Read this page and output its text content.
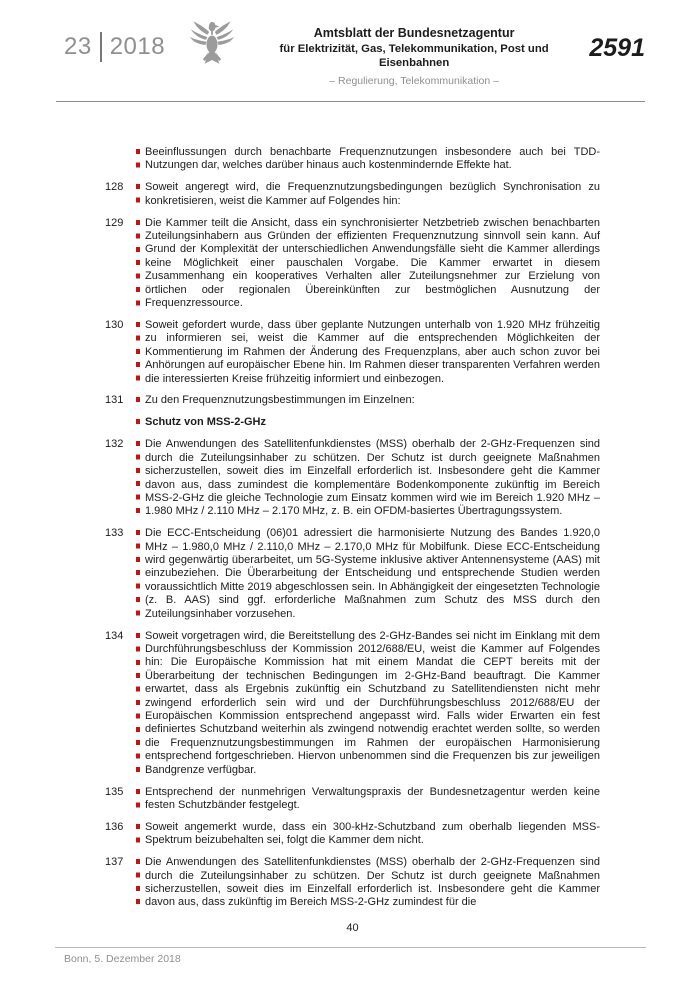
23 2018	Amtsblatt der Bundesnetzagentur
für Elektrizität, Gas, Telekommunikation, Post und Eisenbahnen
– Regulierung, Telekommunikation –
2591
Beeinflussungen durch benachbarte Frequenznutzungen insbesondere auch bei TDD-Nutzungen dar, welches darüber hinaus auch kostenmindernde Effekte hat.
128	Soweit angeregt wird, die Frequenznutzungsbedingungen bezüglich Synchronisation zu konkretisieren, weist die Kammer auf Folgendes hin:
129	Die Kammer teilt die Ansicht, dass ein synchronisierter Netzbetrieb zwischen benachbarten Zuteilungsinhabern aus Gründen der effizienten Frequenznutzung sinnvoll sein kann. Auf Grund der Komplexität der unterschiedlichen Anwendungsfälle sieht die Kammer allerdings keine Möglichkeit einer pauschalen Vorgabe. Die Kammer erwartet in diesem Zusammenhang ein kooperatives Verhalten aller Zuteilungsnehmer zur Erzielung von örtlichen oder regionalen Übereinkünften zur bestmöglichen Ausnutzung der Frequenzressource.
130	Soweit gefordert wurde, dass über geplante Nutzungen unterhalb von 1.920 MHz frühzeitig zu informieren sei, weist die Kammer auf die entsprechenden Möglichkeiten der Kommentierung im Rahmen der Änderung des Frequenzplans, aber auch schon zuvor bei Anhörungen auf europäischer Ebene hin. Im Rahmen dieser transparenten Verfahren werden die interessierten Kreise frühzeitig informiert und einbezogen.
131	Zu den Frequenznutzungsbestimmungen im Einzelnen:
Schutz von MSS-2-GHz
132	Die Anwendungen des Satellitenfunkdienstes (MSS) oberhalb der 2-GHz-Frequenzen sind durch die Zuteilungsinhaber zu schützen. Der Schutz ist durch geeignete Maßnahmen sicherzustellen, soweit dies im Einzelfall erforderlich ist. Insbesondere geht die Kammer davon aus, dass zumindest die komplementäre Bodenkomponente zukünftig im Bereich MSS-2-GHz die gleiche Technologie zum Einsatz kommen wird wie im Bereich 1.920 MHz – 1.980 MHz / 2.110 MHz – 2.170 MHz, z. B. ein OFDM-basiertes Übertragungssystem.
133	Die ECC-Entscheidung (06)01 adressiert die harmonisierte Nutzung des Bandes 1.920,0 MHz – 1.980,0 MHz / 2.110,0 MHz – 2.170,0 MHz für Mobilfunk. Diese ECC-Entscheidung wird gegenwärtig überarbeitet, um 5G-Systeme inklusive aktiver Antennensysteme (AAS) mit einzubeziehen. Die Überarbeitung der Entscheidung und entsprechende Studien werden voraussichtlich Mitte 2019 abgeschlossen sein. In Abhängigkeit der eingesetzten Technologie (z. B. AAS) sind ggf. erforderliche Maßnahmen zum Schutz des MSS durch den Zuteilungsinhaber vorzusehen.
134	Soweit vorgetragen wird, die Bereitstellung des 2-GHz-Bandes sei nicht im Einklang mit dem Durchführungsbeschluss der Kommission 2012/688/EU, weist die Kammer auf Folgendes hin: Die Europäische Kommission hat mit einem Mandat die CEPT bereits mit der Überarbeitung der technischen Bedingungen im 2-GHz-Band beauftragt. Die Kammer erwartet, dass als Ergebnis zukünftig ein Schutzband zu Satellitendiensten nicht mehr zwingend erforderlich sein wird und der Durchführungsbeschluss 2012/688/EU der Europäischen Kommission entsprechend angepasst wird. Falls wider Erwarten ein fest definiertes Schutzband weiterhin als zwingend notwendig erachtet werden sollte, so werden die Frequenznutzungsbestimmungen im Rahmen der europäischen Harmonisierung entsprechend fortgeschrieben. Hiervon unbenommen sind die Frequenzen bis zur jeweiligen Bandgrenze verfügbar.
135	Entsprechend der nunmehrigen Verwaltungspraxis der Bundesnetzagentur werden keine festen Schutzbänder festgelegt.
136	Soweit angemerkt wurde, dass ein 300-kHz-Schutzband zum oberhalb liegenden MSS-Spektrum beizubehalten sei, folgt die Kammer dem nicht.
137	Die Anwendungen des Satellitenfunkdienstes (MSS) oberhalb der 2-GHz-Frequenzen sind durch die Zuteilungsinhaber zu schützen. Der Schutz ist durch geeignete Maßnahmen sicherzustellen, soweit dies im Einzelfall erforderlich ist. Insbesondere geht die Kammer davon aus, dass zukünftig im Bereich MSS-2-GHz zumindest für die
40
Bonn, 5. Dezember 2018
